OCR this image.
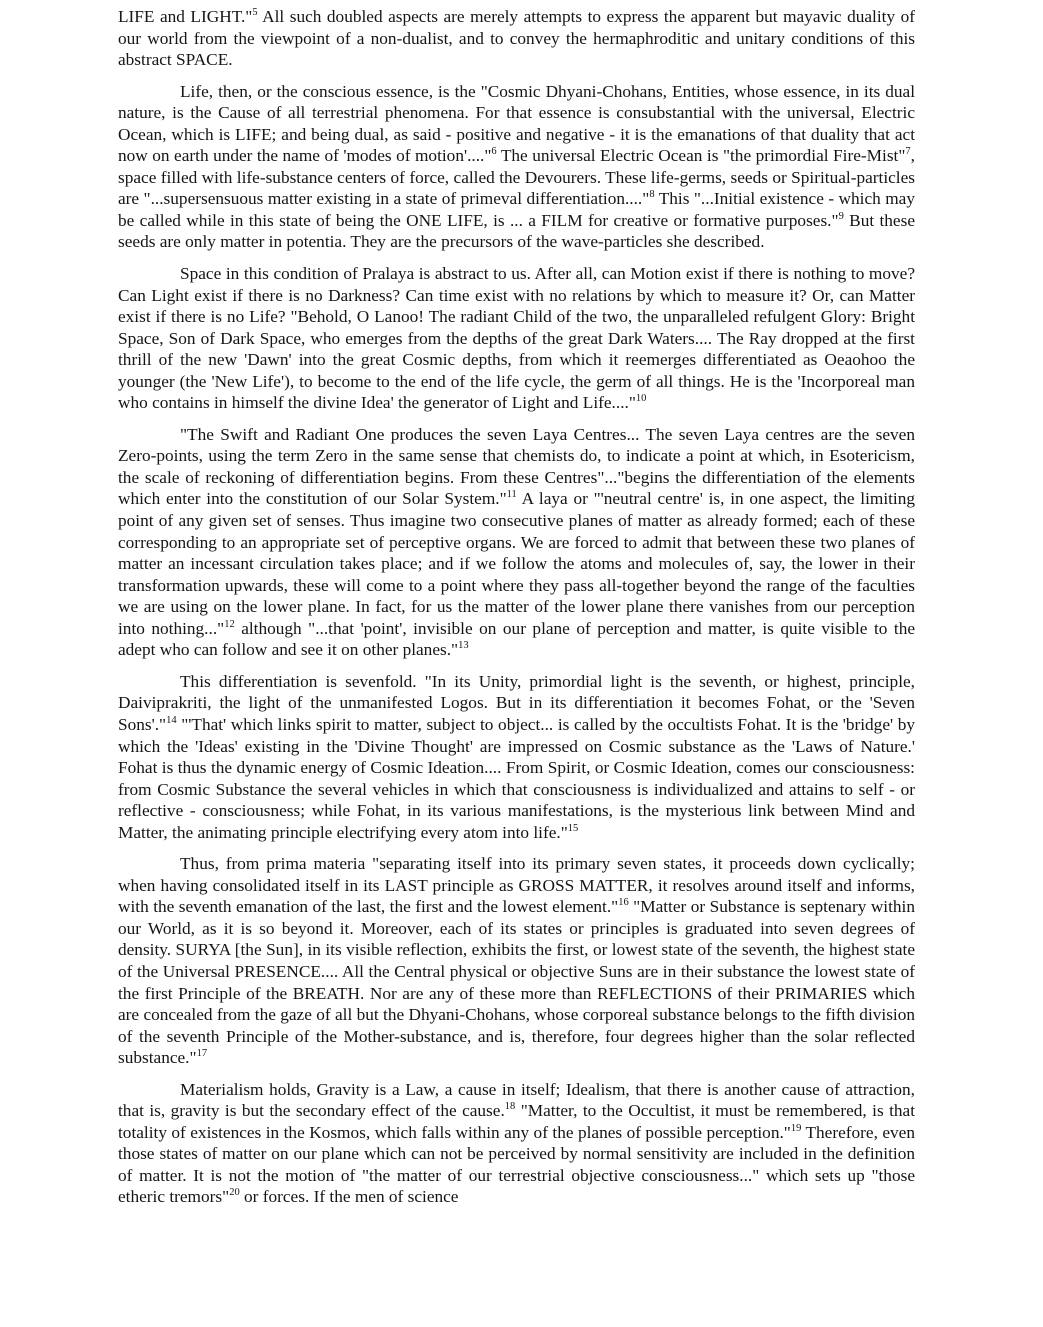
LIFE and LIGHT."$^5$ All such doubled aspects are merely attempts to express the apparent but mayavic duality of our world from the viewpoint of a non-dualist, and to convey the hermaphroditic and unitary conditions of this abstract SPACE.

Life, then, or the conscious essence, is the "Cosmic Dhyani-Chohans, Entities, whose essence, in its dual nature, is the Cause of all terrestrial phenomena. For that essence is consubstantial with the universal, Electric Ocean, which is LIFE; and being dual, as said - positive and negative - it is the emanations of that duality that act now on earth under the name of 'modes of motion'...."$^6$ The universal Electric Ocean is "the primordial Fire-Mist"$^7$, space filled with life-substance centers of force, called the Devourers. These life-germs, seeds or Spiritual-particles are "...supersensuous matter existing in a state of primeval differentiation...."$^8$ This "...Initial existence - which may be called while in this state of being the ONE LIFE, is ... a FILM for creative or formative purposes."$^9$ But these seeds are only matter in potentia. They are the precursors of the wave-particles she described.

Space in this condition of Pralaya is abstract to us. After all, can Motion exist if there is nothing to move? Can Light exist if there is no Darkness? Can time exist with no relations by which to measure it? Or, can Matter exist if there is no Life? "Behold, O Lanoo! The radiant Child of the two, the unparalleled refulgent Glory: Bright Space, Son of Dark Space, who emerges from the depths of the great Dark Waters.... The Ray dropped at the first thrill of the new 'Dawn' into the great Cosmic depths, from which it reemerges differentiated as Oeaohoo the younger (the 'New Life'), to become to the end of the life cycle, the germ of all things. He is the 'Incorporeal man who contains in himself the divine Idea' the generator of Light and Life...."$^{10}$

"The Swift and Radiant One produces the seven Laya Centres... The seven Laya centres are the seven Zero-points, using the term Zero in the same sense that chemists do, to indicate a point at which, in Esotericism, the scale of reckoning of differentiation begins. From these Centres"..."begins the differentiation of the elements which enter into the constitution of our Solar System."$^{11}$ A laya or "'neutral centre' is, in one aspect, the limiting point of any given set of senses. Thus imagine two consecutive planes of matter as already formed; each of these corresponding to an appropriate set of perceptive organs. We are forced to admit that between these two planes of matter an incessant circulation takes place; and if we follow the atoms and molecules of, say, the lower in their transformation upwards, these will come to a point where they pass all-together beyond the range of the faculties we are using on the lower plane. In fact, for us the matter of the lower plane there vanishes from our perception into nothing..."$^{12}$ although "...that 'point', invisible on our plane of perception and matter, is quite visible to the adept who can follow and see it on other planes."$^{13}$

This differentiation is sevenfold. "In its Unity, primordial light is the seventh, or highest, principle, Daiviprakriti, the light of the unmanifested Logos. But in its differentiation it becomes Fohat, or the 'Seven Sons'."$^{14}$ "'That' which links spirit to matter, subject to object... is called by the occultists Fohat. It is the 'bridge' by which the 'Ideas' existing in the 'Divine Thought' are impressed on Cosmic substance as the 'Laws of Nature.' Fohat is thus the dynamic energy of Cosmic Ideation.... From Spirit, or Cosmic Ideation, comes our consciousness: from Cosmic Substance the several vehicles in which that consciousness is individualized and attains to self - or reflective - consciousness; while Fohat, in its various manifestations, is the mysterious link between Mind and Matter, the animating principle electrifying every atom into life."$^{15}$

Thus, from prima materia "separating itself into its primary seven states, it proceeds down cyclically; when having consolidated itself in its LAST principle as GROSS MATTER, it resolves around itself and informs, with the seventh emanation of the last, the first and the lowest element."$^{16}$ "Matter or Substance is septenary within our World, as it is so beyond it. Moreover, each of its states or principles is graduated into seven degrees of density. SURYA [the Sun], in its visible reflection, exhibits the first, or lowest state of the seventh, the highest state of the Universal PRESENCE.... All the Central physical or objective Suns are in their substance the lowest state of the first Principle of the BREATH. Nor are any of these more than REFLECTIONS of their PRIMARIES which are concealed from the gaze of all but the Dhyani-Chohans, whose corporeal substance belongs to the fifth division of the seventh Principle of the Mother-substance, and is, therefore, four degrees higher than the solar reflected substance."$^{17}$

Materialism holds, Gravity is a Law, a cause in itself; Idealism, that there is another cause of attraction, that is, gravity is but the secondary effect of the cause.$^{18}$ "Matter, to the Occultist, it must be remembered, is that totality of existences in the Kosmos, which falls within any of the planes of possible perception."$^{19}$ Therefore, even those states of matter on our plane which can not be perceived by normal sensitivity are included in the definition of matter. It is not the motion of "the matter of our terrestrial objective consciousness..." which sets up "those etheric tremors"$^{20}$ or forces. If the men of science
